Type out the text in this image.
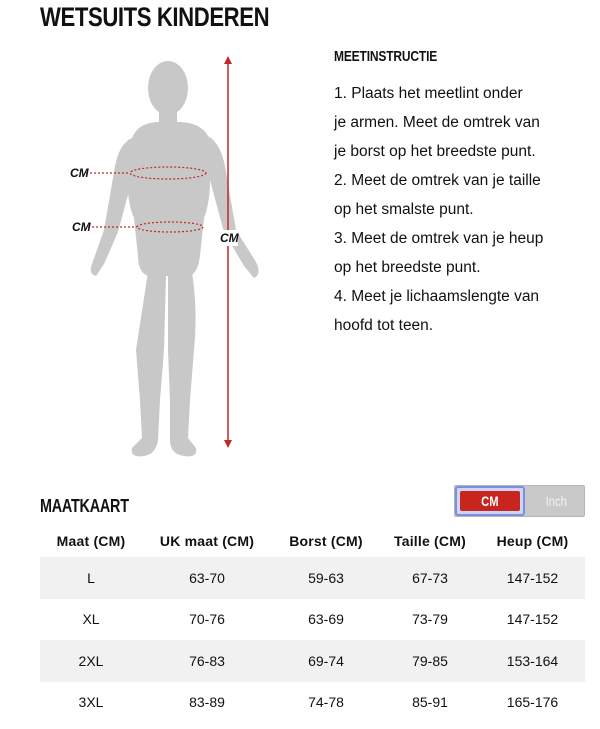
WETSUITS KINDEREN
CM
CM
CM
MEETINSTRUCTIE

1. Plaats het meetlint onder

je armen. Meet de omtrek van

je borst op het breedste punt.

2. Meet de omtrek van je taille

op het smalste punt.

3. Meet de omtrek van je heup

op het breedste punt.

4. Meet je lichaamslengte van

hoofd tot teen.

MAATKAART	CM	Inch
Maat (CM)	UK maat (CM)	Borst (CM)	Taille (CM)	Heup (CM)
L	63-70	59-63	67-73	147-152
XL	70-76	63-69	73-79	147-152
2XL	76-83	69-74	79-85	153-164
3XL	83-89	74-78	85-91	165-176
